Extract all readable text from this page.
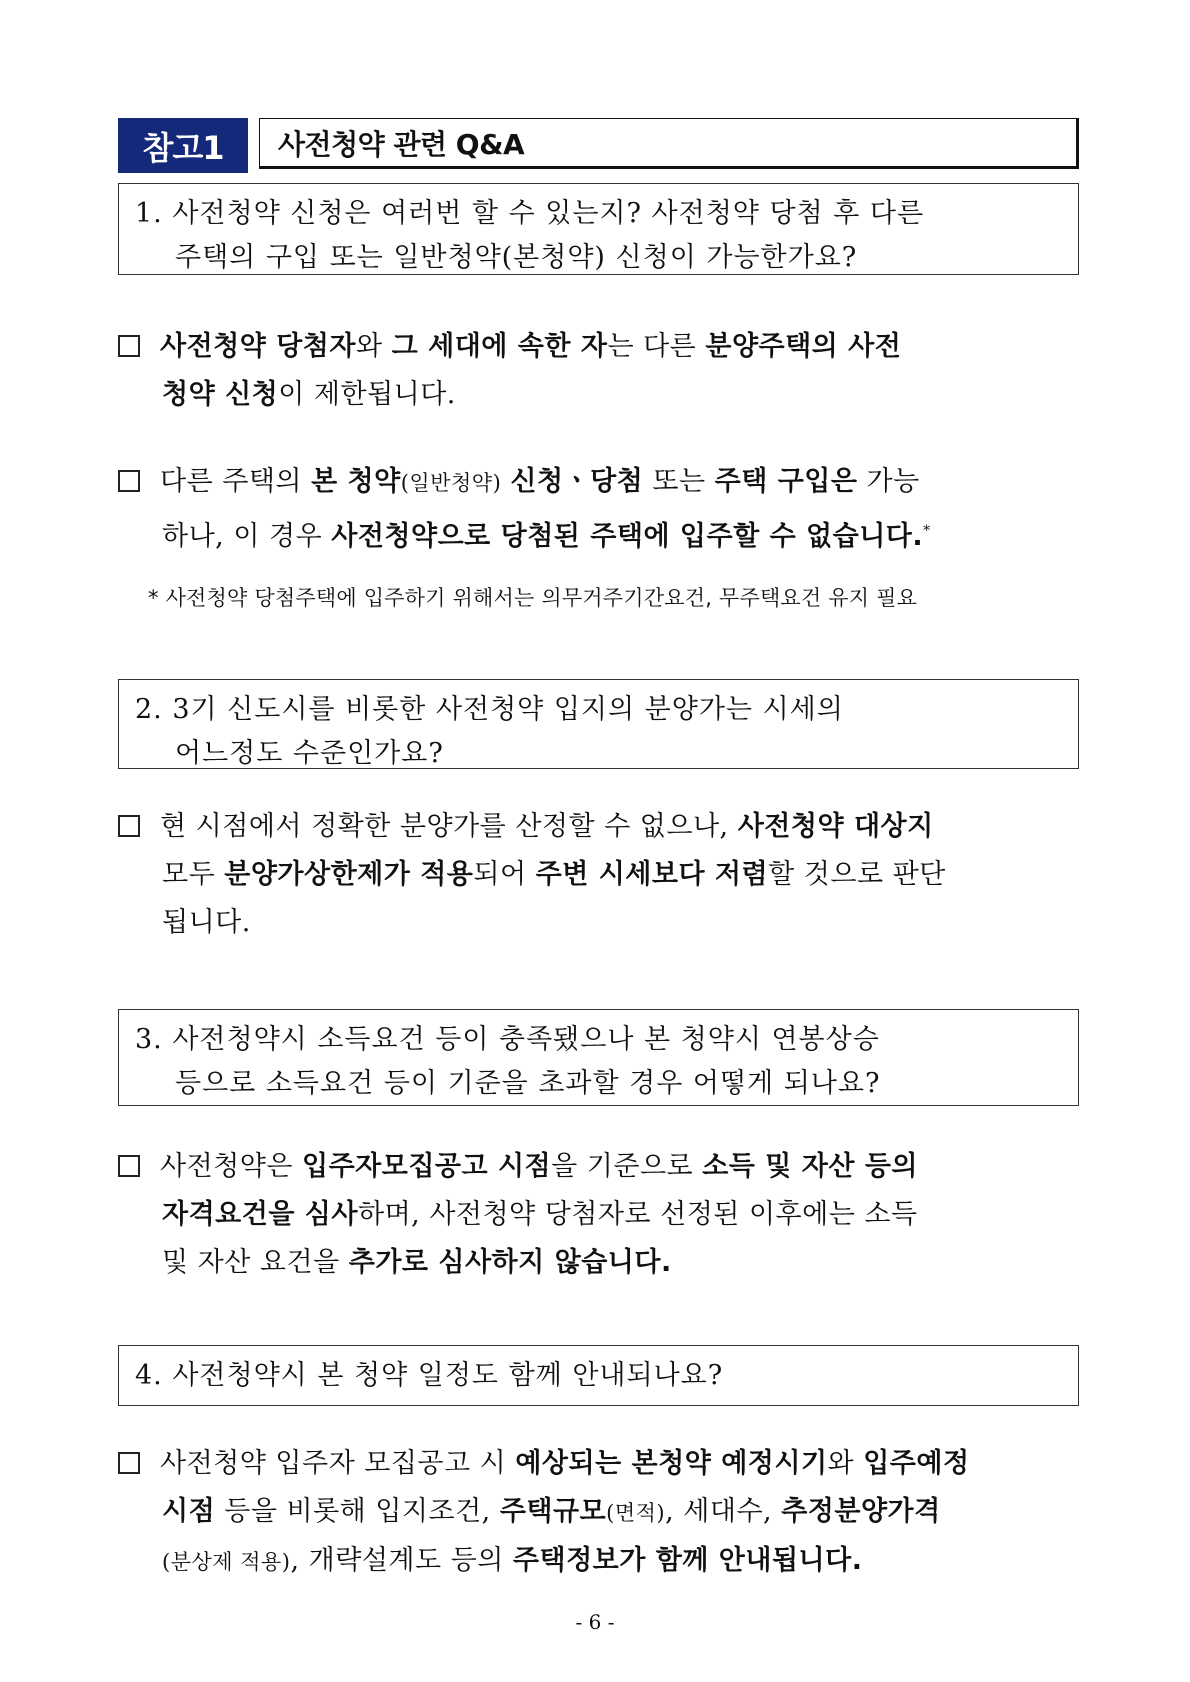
참고1	사전청약 관련 Q&A
1. 사전청약 신청은 여러번 할 수 있는지? 사전청약 당첨 후 다른
주택의 구입 또는 일반청약(본청약) 신청이 가능한가요?
사전청약 당첨자와 그 세대에 속한 자는 다른 분양주택의 사전
청약 신청이 제한됩니다.
다른 주택의 본 청약(일반청약) 신청ㆍ당첨 또는 주택 구입은 가능
하나, 이 경우 사전청약으로 당첨된 주택에 입주할 수 없습니다.*
* 사전청약 당첨주택에 입주하기 위해서는 의무거주기간요건, 무주택요건 유지 필요
2. 3기 신도시를 비롯한 사전청약 입지의 분양가는 시세의
어느정도 수준인가요?
현 시점에서 정확한 분양가를 산정할 수 없으나, 사전청약 대상지
모두 분양가상한제가 적용되어 주변 시세보다 저렴할 것으로 판단
됩니다.
3. 사전청약시 소득요건 등이 충족됐으나 본 청약시 연봉상승
등으로 소득요건 등이 기준을 초과할 경우 어떻게 되나요?
사전청약은 입주자모집공고 시점을 기준으로 소득 및 자산 등의
자격요건을 심사하며, 사전청약 당첨자로 선정된 이후에는 소득
및 자산 요건을 추가로 심사하지 않습니다.
4. 사전청약시 본 청약 일정도 함께 안내되나요?
사전청약 입주자 모집공고 시 예상되는 본청약 예정시기와 입주예정
시점 등을 비롯해 입지조건, 주택규모(면적), 세대수, 추정분양가격
(분상제 적용), 개략설계도 등의 주택정보가 함께 안내됩니다.
- 6 -
